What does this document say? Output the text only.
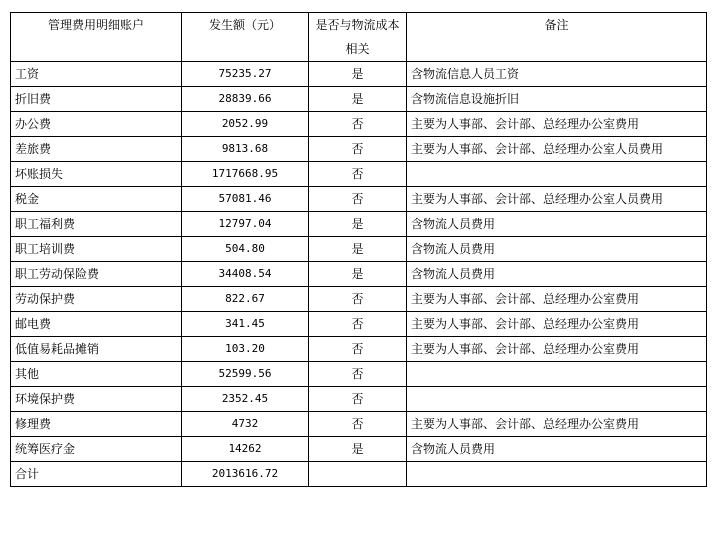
管理费用明细账户	发生额（元）	是否与物流成本相关	备注
工资	75235.27	是	含物流信息人员工资
折旧费	28839.66	是	含物流信息设施折旧
办公费	2052.99	否	主要为人事部、会计部、总经理办公室费用
差旅费	9813.68	否	主要为人事部、会计部、总经理办公室人员费用
坏账损失	1717668.95	否	
税金	57081.46	否	主要为人事部、会计部、总经理办公室人员费用
职工福利费	12797.04	是	含物流人员费用
职工培训费	504.80	是	含物流人员费用
职工劳动保险费	34408.54	是	含物流人员费用
劳动保护费	822.67	否	主要为人事部、会计部、总经理办公室费用
邮电费	341.45	否	主要为人事部、会计部、总经理办公室费用
低值易耗品摊销	103.20	否	主要为人事部、会计部、总经理办公室费用
其他	52599.56	否	
环境保护费	2352.45	否	
修理费	4732	否	主要为人事部、会计部、总经理办公室费用
统筹医疗金	14262	是	含物流人员费用
合计	2013616.72		
